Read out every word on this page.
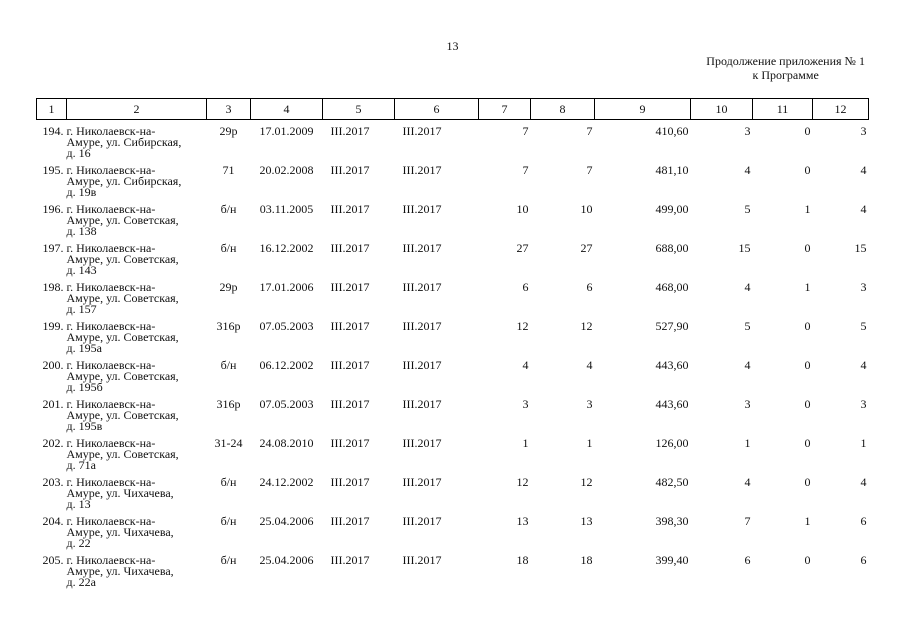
13
Продолжение приложения № 1
к Программе
1	2	3	4	5	6	7	8	9	10	11	12
194.	г. Николаевск-на-
Амуре, ул. Сибирская,
д. 16	29р	17.01.2009	III.2017	III.2017	7	7	410,60	3	0	3
195.	г. Николаевск-на-
Амуре, ул. Сибирская,
д. 19в	71	20.02.2008	III.2017	III.2017	7	7	481,10	4	0	4
196.	г. Николаевск-на-
Амуре, ул. Советская,
д. 138	б/н	03.11.2005	III.2017	III.2017	10	10	499,00	5	1	4
197.	г. Николаевск-на-
Амуре, ул. Советская,
д. 143	б/н	16.12.2002	III.2017	III.2017	27	27	688,00	15	0	15
198.	г. Николаевск-на-
Амуре, ул. Советская,
д. 157	29р	17.01.2006	III.2017	III.2017	6	6	468,00	4	1	3
199.	г. Николаевск-на-
Амуре, ул. Советская,
д. 195а	316р	07.05.2003	III.2017	III.2017	12	12	527,90	5	0	5
200.	г. Николаевск-на-
Амуре, ул. Советская,
д. 195б	б/н	06.12.2002	III.2017	III.2017	4	4	443,60	4	0	4
201.	г. Николаевск-на-
Амуре, ул. Советская,
д. 195в	316р	07.05.2003	III.2017	III.2017	3	3	443,60	3	0	3
202.	г. Николаевск-на-
Амуре, ул. Советская,
д. 71а	31-24	24.08.2010	III.2017	III.2017	1	1	126,00	1	0	1
203.	г. Николаевск-на-
Амуре, ул. Чихачева,
д. 13	б/н	24.12.2002	III.2017	III.2017	12	12	482,50	4	0	4
204.	г. Николаевск-на-
Амуре, ул. Чихачева,
д. 22	б/н	25.04.2006	III.2017	III.2017	13	13	398,30	7	1	6
205.	г. Николаевск-на-
Амуре, ул. Чихачева,
д. 22а	б/н	25.04.2006	III.2017	III.2017	18	18	399,40	6	0	6
